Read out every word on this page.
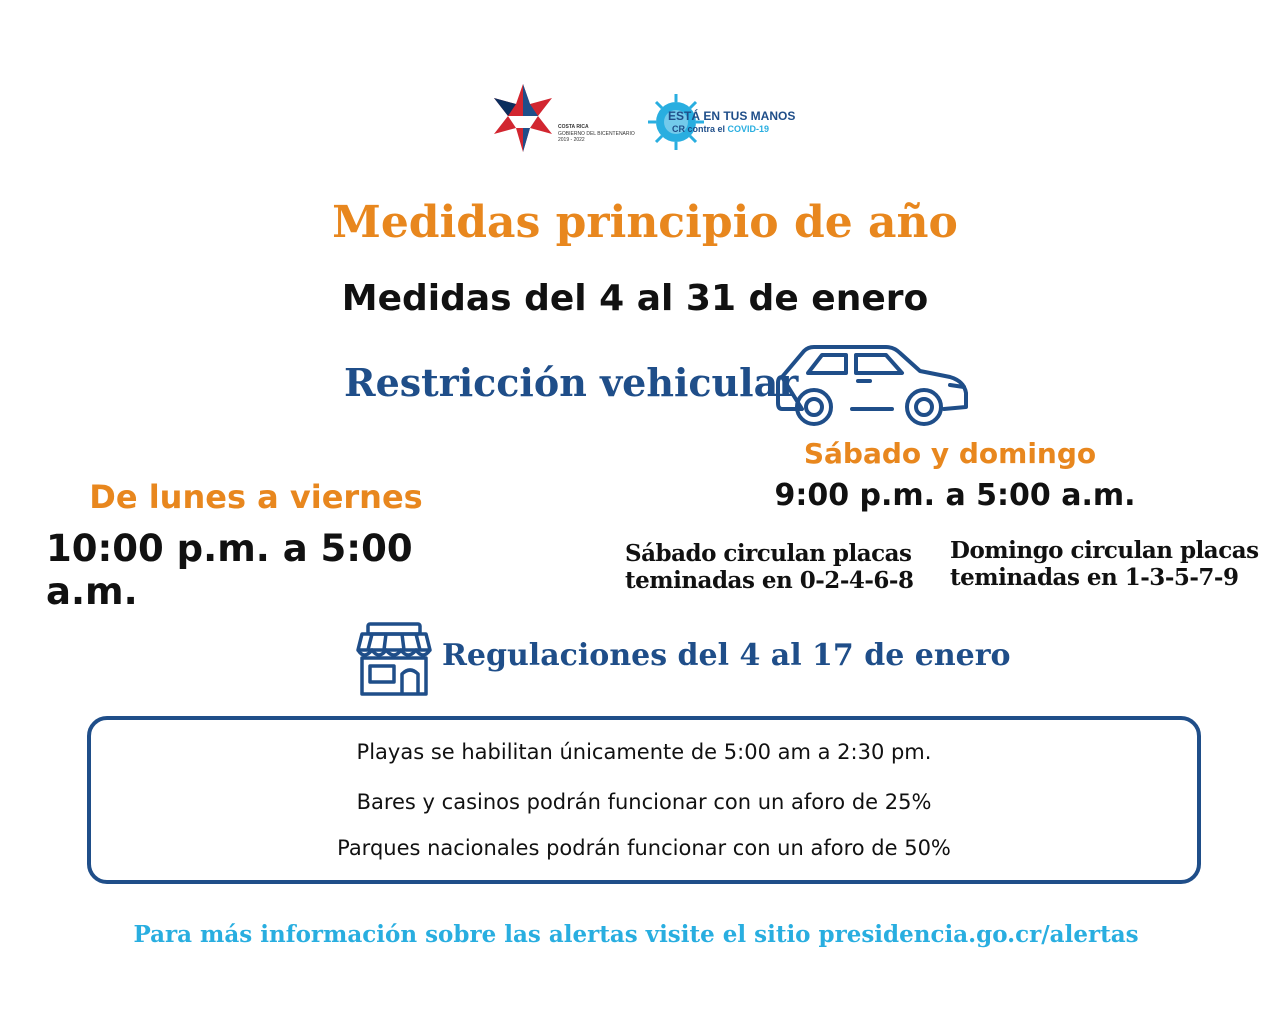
COSTA RICA
GOBIERNO DEL BICENTENARIO
2019 - 2022
ESTÁ EN TUS MANOS
CR contra el COVID-19
Medidas principio de año
Medidas del 4 al 31 de enero
Restricción vehicular
Sábado y domingo
9:00 p.m. a 5:00 a.m.
De lunes a viernes
10:00 p.m. a 5:00 a.m.
Sábado circulan placas
teminadas en 0-2-4-6-8
Domingo circulan placas
teminadas en 1-3-5-7-9
Regulaciones del 4 al 17 de enero
Playas se habilitan únicamente de 5:00 am a 2:30 pm.
Bares y casinos podrán funcionar con un aforo de 25%
Parques nacionales podrán funcionar con un aforo de 50%
Para más información sobre las alertas visite el sitio presidencia.go.cr/alertas
